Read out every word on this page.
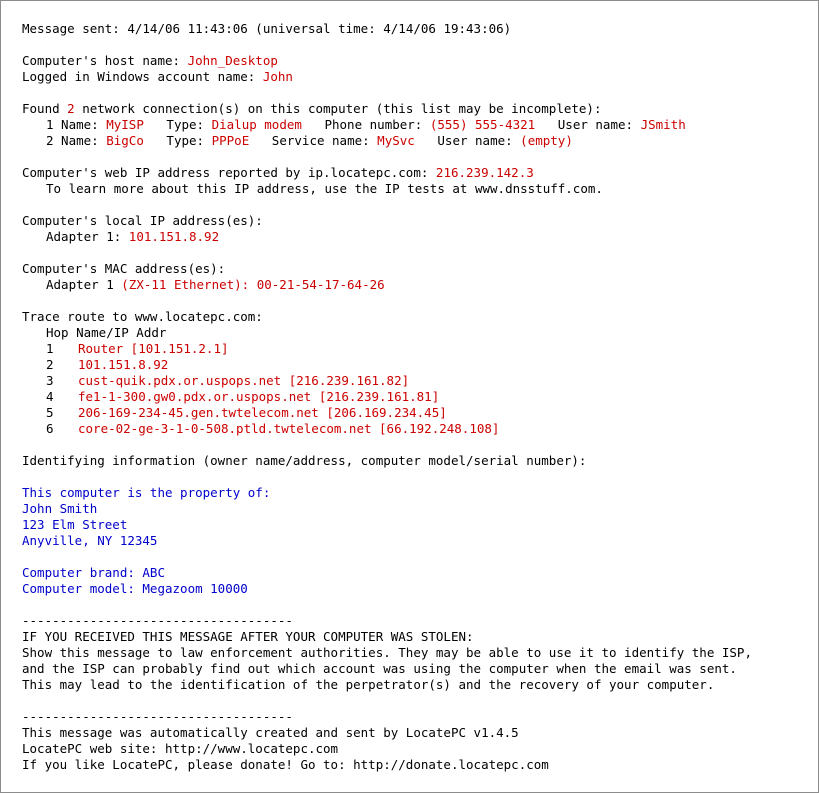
Message sent: 4/14/06 11:43:06 (universal time: 4/14/06 19:43:06)
Computer's host name: John_Desktop
Logged in Windows account name: John
Found 2 network connection(s) on this computer (this list may be incomplete):
1 Name: MyISP   Type: Dialup modem   Phone number: (555) 555-4321   User name: JSmith
2 Name: BigCo   Type: PPPoE   Service name: MySvc   User name: (empty)
Computer's web IP address reported by ip.locatepc.com: 216.239.142.3
To learn more about this IP address, use the IP tests at www.dnsstuff.com.
Computer's local IP address(es):
Adapter 1: 101.151.8.92
Computer's MAC address(es):
Adapter 1 (ZX-11 Ethernet): 00-21-54-17-64-26
Trace route to www.locatepc.com:
Hop Name/IP Addr
1 Router [101.151.2.1]
2 101.151.8.92
3 cust-quik.pdx.or.uspops.net [216.239.161.82]
4 fe1-1-300.gw0.pdx.or.uspops.net [216.239.161.81]
5 206-169-234-45.gen.twtelecom.net [206.169.234.45]
6 core-02-ge-3-1-0-508.ptld.twtelecom.net [66.192.248.108]
Identifying information (owner name/address, computer model/serial number):
This computer is the property of:
John Smith
123 Elm Street
Anyville, NY 12345
Computer brand: ABC
Computer model: Megazoom 10000
------------------------------------
IF YOU RECEIVED THIS MESSAGE AFTER YOUR COMPUTER WAS STOLEN:
Show this message to law enforcement authorities. They may be able to use it to identify the ISP,
and the ISP can probably find out which account was using the computer when the email was sent.
This may lead to the identification of the perpetrator(s) and the recovery of your computer.
------------------------------------
This message was automatically created and sent by LocatePC v1.4.5
LocatePC web site: http://www.locatepc.com
If you like LocatePC, please donate! Go to: http://donate.locatepc.com
